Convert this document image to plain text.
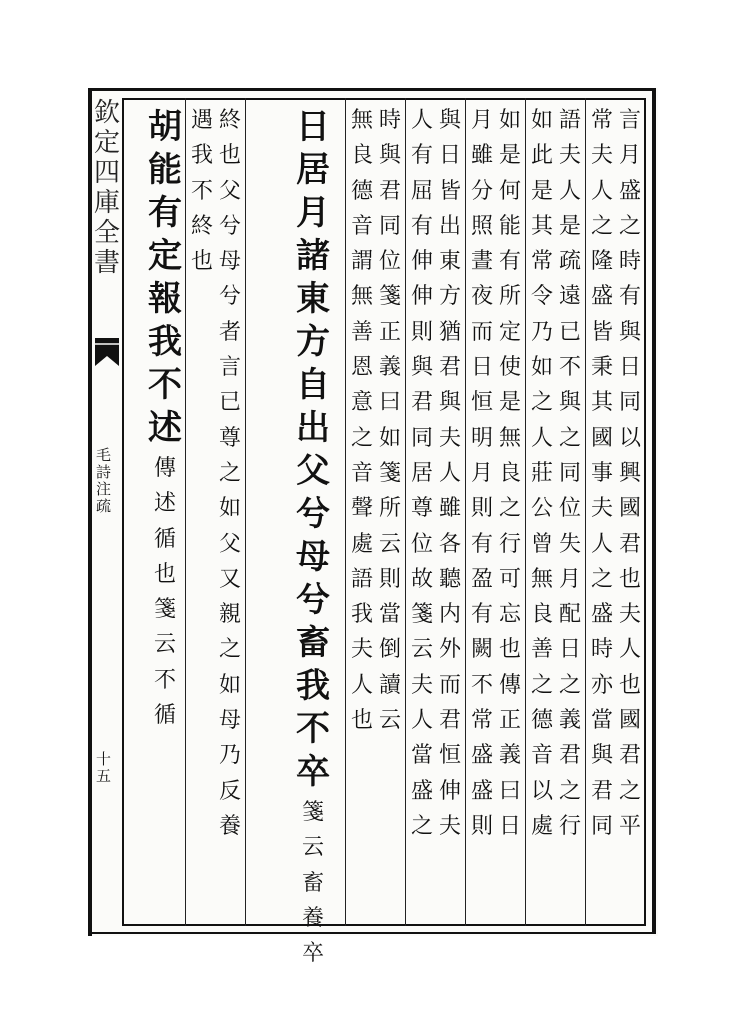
欽
定
四
庫
全
書
毛
詩
注
疏
十
五
言
月
盛
之
時
有
與
日
同
以
興
國
君
也
夫
人
也
國
君
之
平
常
夫
人
之
隆
盛
皆
秉
其
國
事
夫
人
之
盛
時
亦
當
與
君
同
語
夫
人
是
疏
遠
已
不
與
之
同
位
失
月
配
日
之
義
君
之
行
如
此
是
其
常
令
乃
如
之
人
莊
公
曾
無
良
善
之
德
音
以
處
如
是
何
能
有
所
定
使
是
無
良
之
行
可
忘
也
傳
正
義
曰
日
月
雖
分
照
晝
夜
而
日
恒
明
月
則
有
盈
有
闕
不
常
盛
盛
則
與
日
皆
出
東
方
猶
君
與
夫
人
雖
各
聽
内
外
而
君
恒
伸
夫
人
有
屈
有
伸
伸
則
與
君
同
居
尊
位
故
箋
云
夫
人
當
盛
之
時
與
君
同
位
箋
正
義
曰
如
箋
所
云
則
當
倒
讀
云
無
良
德
音
謂
無
善
恩
意
之
音
聲
處
語
我
夫
人
也
日
居
月
諸
東
方
自
出
父
兮
母
兮
畜
我
不
卒
箋
云
畜
養
卒
終
也
父
兮
母
兮
者
言
已
尊
之
如
父
又
親
之
如
母
乃
反
養
遇
我
不
終
也
胡
能
有
定
報
我
不
述
傳
述
循
也
箋
云
不
循
